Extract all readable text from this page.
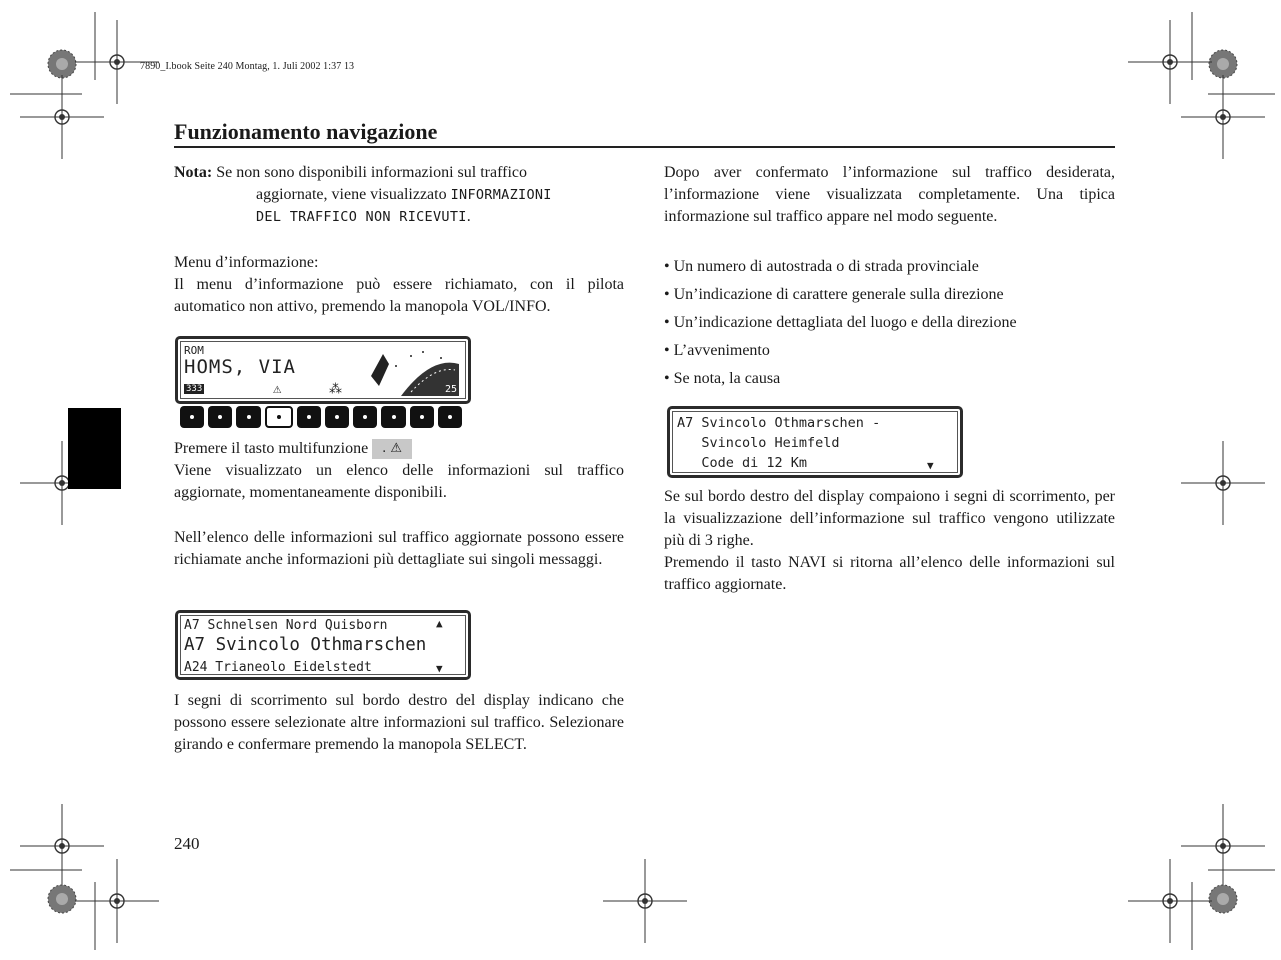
7890_I.book Seite 240 Montag, 1. Juli 2002 1:37 13
Funzionamento navigazione
Nota: Se non sono disponibili informazioni sul traffico
aggiornate, viene visualizzato INFORMAZIONI
DEL TRAFFICO NON RICEVUTI.
Menu d’informazione:
Il menu d’informazione può essere richiamato, con il pilota automatico non attivo, premendo la manopola VOL/INFO.
ROM
HOMS, VIA
333	⚠	⁂	25
Premere il tasto multifunzione . ⚠
Viene visualizzato un elenco delle informazioni sul traffico aggiornate, momentaneamente disponibili.
Nell’elenco delle informazioni sul traffico aggiornate possono essere richiamate anche informazioni più dettagliate sui singoli messaggi.
A7 Schnelsen Nord Quisborn
A7 Svincolo Othmarschen
A24 Trianeolo Eidelstedt
▲
▼
I segni di scorrimento sul bordo destro del display indicano che possono essere selezionate altre informazioni sul traffico. Selezionare girando e confermare premendo la manopola SELECT.
Dopo aver confermato l’informazione sul traffico desiderata, l’informazione viene visualizzata completamente. Una tipica informazione sul traffico appare nel modo seguente.
• Un numero di autostrada o di strada provinciale
• Un’indicazione di carattere generale sulla direzione
• Un’indicazione dettagliata del luogo e della direzione
• L’avvenimento
• Se nota, la causa
A7 Svincolo Othmarschen -
Svincolo Heimfeld
Code di 12 Km	▼
Se sul bordo destro del display compaiono i segni di scorrimento, per la visualizzazione dell’informazione sul traffico vengono utilizzate più di 3 righe.
Premendo il tasto NAVI si ritorna all’elenco delle informazioni sul traffico aggiornate.
240
